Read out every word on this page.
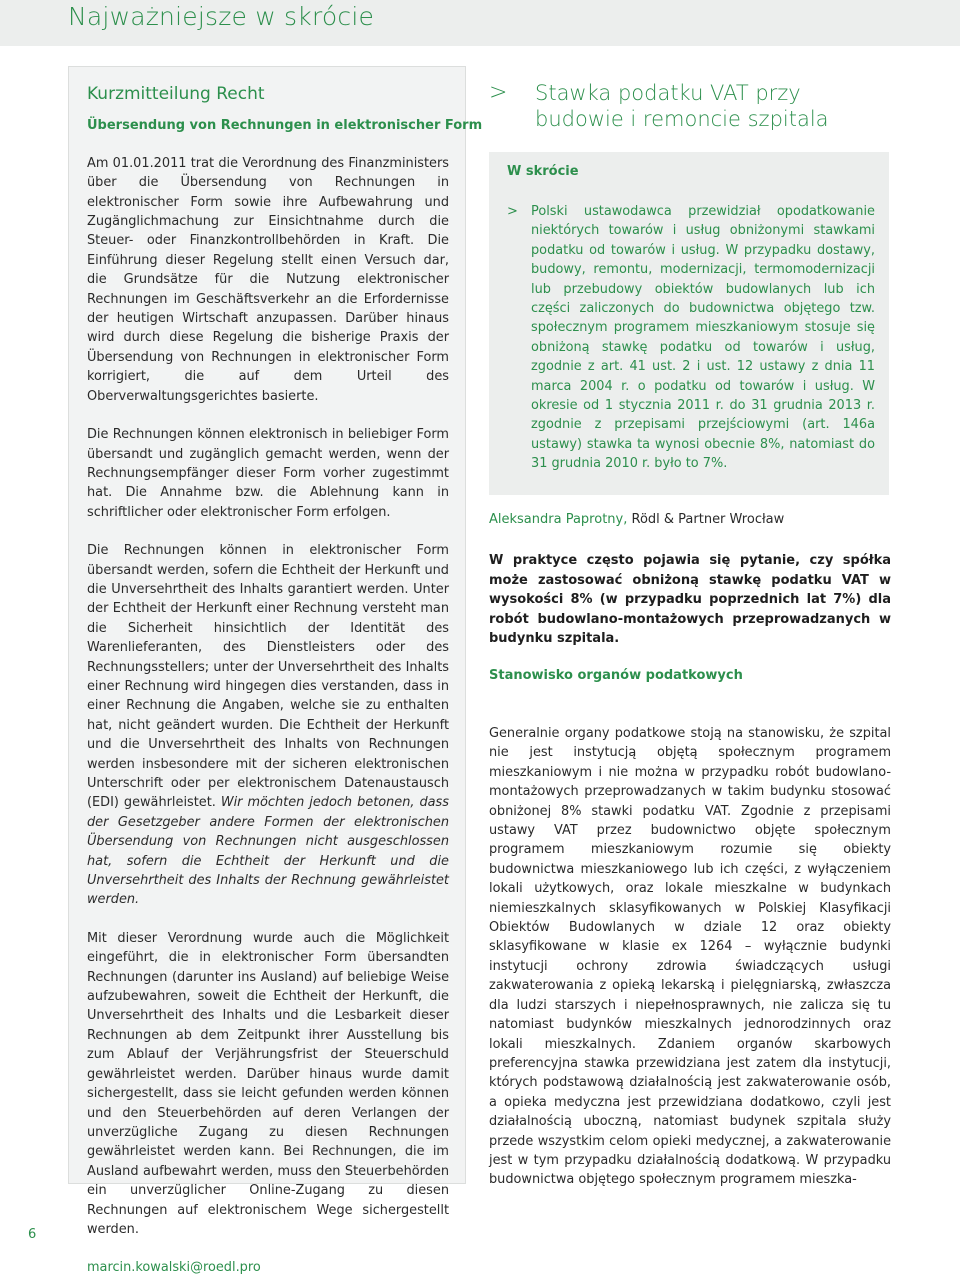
Najważniejsze w skrócie
Kurzmitteilung Recht
Übersendung von Rechnungen in elektronischer Form

Am 01.01.2011 trat die Verordnung des Finanzministers über die Übersendung von Rechnungen in elektronischer Form sowie ihre Aufbewahrung und Zugänglichmachung zur Einsichtnahme durch die Steuer- oder Finanzkontrollbehörden in Kraft. Die Einführung dieser Regelung stellt einen Versuch dar, die Grundsätze für die Nutzung elektronischer Rechnungen im Geschäftsverkehr an die Erfordernisse der heutigen Wirtschaft anzupassen. Darüber hinaus wird durch diese Regelung die bisherige Praxis der Übersendung von Rechnungen in elektronischer Form korrigiert, die auf dem Urteil des Oberverwaltungsgerichtes basierte.

Die Rechnungen können elektronisch in beliebiger Form übersandt und zugänglich gemacht werden, wenn der Rechnungsempfänger dieser Form vorher zugestimmt hat. Die Annahme bzw. die Ablehnung kann in schriftlicher oder elektronischer Form erfolgen.

Die Rechnungen können in elektronischer Form übersandt werden, sofern die Echtheit der Herkunft und die Unversehrtheit des Inhalts garantiert werden. Unter der Echtheit der Herkunft einer Rechnung versteht man die Sicherheit hinsichtlich der Identität des Warenlieferanten, des Dienstleisters oder des Rechnungsstellers; unter der Unversehrtheit des Inhalts einer Rechnung wird hingegen dies verstanden, dass in einer Rechnung die Angaben, welche sie zu enthalten hat, nicht geändert wurden. Die Echtheit der Herkunft und die Unversehrtheit des Inhalts von Rechnungen werden insbesondere mit der sicheren elektronischen Unterschrift oder per elektronischem Datenaustausch (EDI) gewährleistet. Wir möchten jedoch betonen, dass der Gesetzgeber andere Formen der elektronischen Übersendung von Rechnungen nicht ausgeschlossen hat, sofern die Echtheit der Herkunft und die Unversehrtheit des Inhalts der Rechnung gewährleistet werden.

Mit dieser Verordnung wurde auch die Möglichkeit eingeführt, die in elektronischer Form übersandten Rechnungen (darunter ins Ausland) auf beliebige Weise aufzubewahren, soweit die Echtheit der Herkunft, die Unversehrtheit des Inhalts und die Lesbarkeit dieser Rechnungen ab dem Zeitpunkt ihrer Ausstellung bis zum Ablauf der Verjährungsfrist der Steuerschuld gewährleistet werden. Darüber hinaus wurde damit sichergestellt, dass sie leicht gefunden werden können und den Steuerbehörden auf deren Verlangen der unverzügliche Zugang zu diesen Rechnungen gewährleistet werden kann. Bei Rechnungen, die im Ausland aufbewahrt werden, muss den Steuerbehörden ein unverzüglicher Online-Zugang zu diesen Rechnungen auf elektronischem Wege sichergestellt werden.

marcin.kowalski@roedl.pro
> Stawka podatku VAT przy budowie i remoncie szpitala
W skrócie
> Polski ustawodawca przewidział opodatkowanie niektórych towarów i usług obniżonymi stawkami podatku od towarów i usług. W przypadku dostawy, budowy, remontu, modernizacji, termomodernizacji lub przebudowy obiektów budowlanych lub ich części zaliczonych do budownictwa objętego tzw. społecznym programem mieszkaniowym stosuje się obniżoną stawkę podatku od towarów i usług, zgodnie z art. 41 ust. 2 i ust. 12 ustawy z dnia 11 marca 2004 r. o podatku od towarów i usług. W okresie od 1 stycznia 2011 r. do 31 grudnia 2013 r. zgodnie z przepisami przejściowymi (art. 146a ustawy) stawka ta wynosi obecnie 8%, natomiast do 31 grudnia 2010 r. było to 7%.
Aleksandra Paprotny, Rödl & Partner Wrocław
W praktyce często pojawia się pytanie, czy spółka może zastosować obniżoną stawkę podatku VAT w wysokości 8% (w przypadku poprzednich lat 7%) dla robót budowlano-montażowych przeprowadzanych w budynku szpitala.
Stanowisko organów podatkowych
Generalnie organy podatkowe stoją na stanowisku, że szpital nie jest instytucją objętą społecznym programem mieszkaniowym i nie można w przypadku robót budowlano-montażowych przeprowadzanych w takim budynku stosować obniżonej 8% stawki podatku VAT. Zgodnie z przepisami ustawy VAT przez budownictwo objęte społecznym programem mieszkaniowym rozumie się obiekty budownictwa mieszkaniowego lub ich części, z wyłączeniem lokali użytkowych, oraz lokale mieszkalne w budynkach niemieszkalnych sklasyfikowanych w Polskiej Klasyfikacji Obiektów Budowlanych w dziale 12 oraz obiekty sklasyfikowane w klasie ex 1264 – wyłącznie budynki instytucji ochrony zdrowia świadczących usługi zakwaterowania z opieką lekarską i pielęgniarską, zwłaszcza dla ludzi starszych i niepełnosprawnych, nie zalicza się tu natomiast budynków mieszkalnych jednorodzinnych oraz lokali mieszkalnych. Zdaniem organów skarbowych preferencyjna stawka przewidziana jest zatem dla instytucji, których podstawową działalnością jest zakwaterowanie osób, a opieka medyczna jest przewidziana dodatkowo, czyli jest działalnością uboczną, natomiast budynek szpitala służy przede wszystkim celom opieki medycznej, a zakwaterowanie jest w tym przypadku działalnością dodatkową. W przypadku budownictwa objętego społecznym programem mieszka-
6
